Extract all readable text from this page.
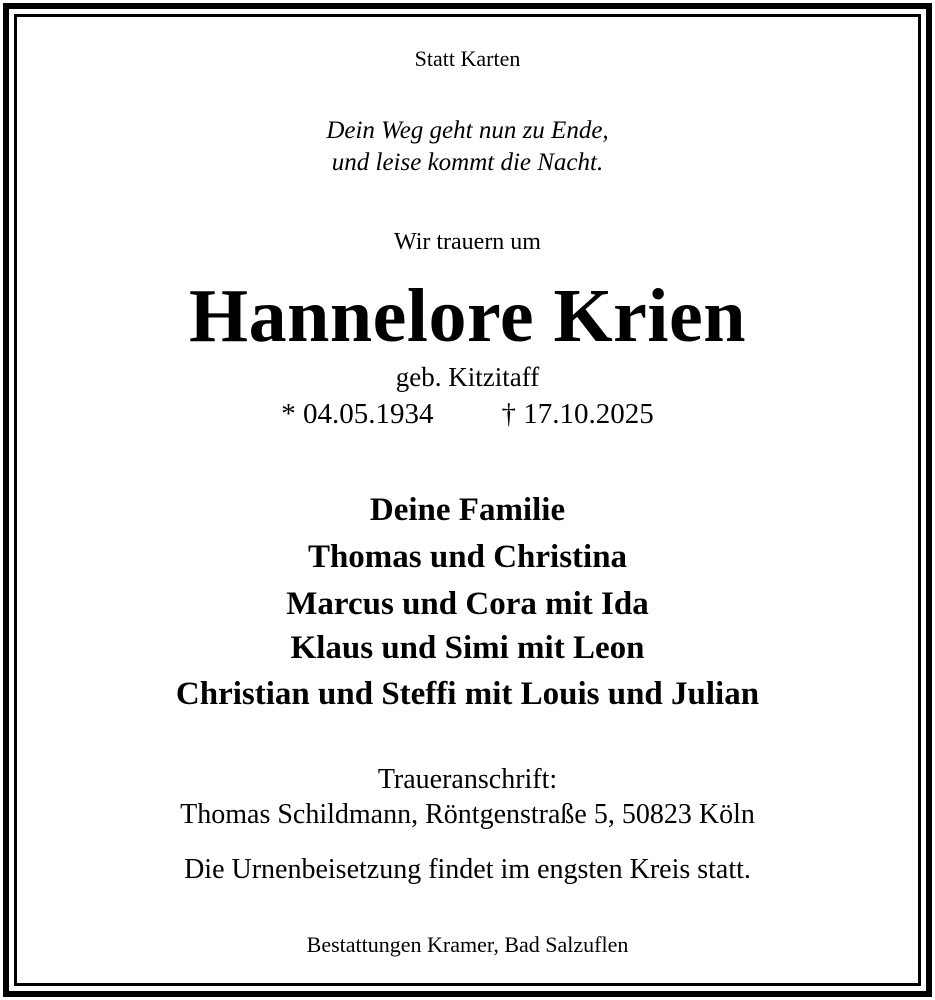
Statt Karten
Dein Weg geht nun zu Ende,
und leise kommt die Nacht.
Wir trauern um
Hannelore Krien
geb. Kitzitaff
* 04.05.1934 † 17.10.2025
Deine Familie
Thomas und Christina
Marcus und Cora mit Ida
Klaus und Simi mit Leon
Christian und Steffi mit Louis und Julian
Traueranschrift:
Thomas Schildmann, Röntgenstraße 5, 50823 Köln
Die Urnenbeisetzung findet im engsten Kreis statt.
Bestattungen Kramer, Bad Salzuflen
